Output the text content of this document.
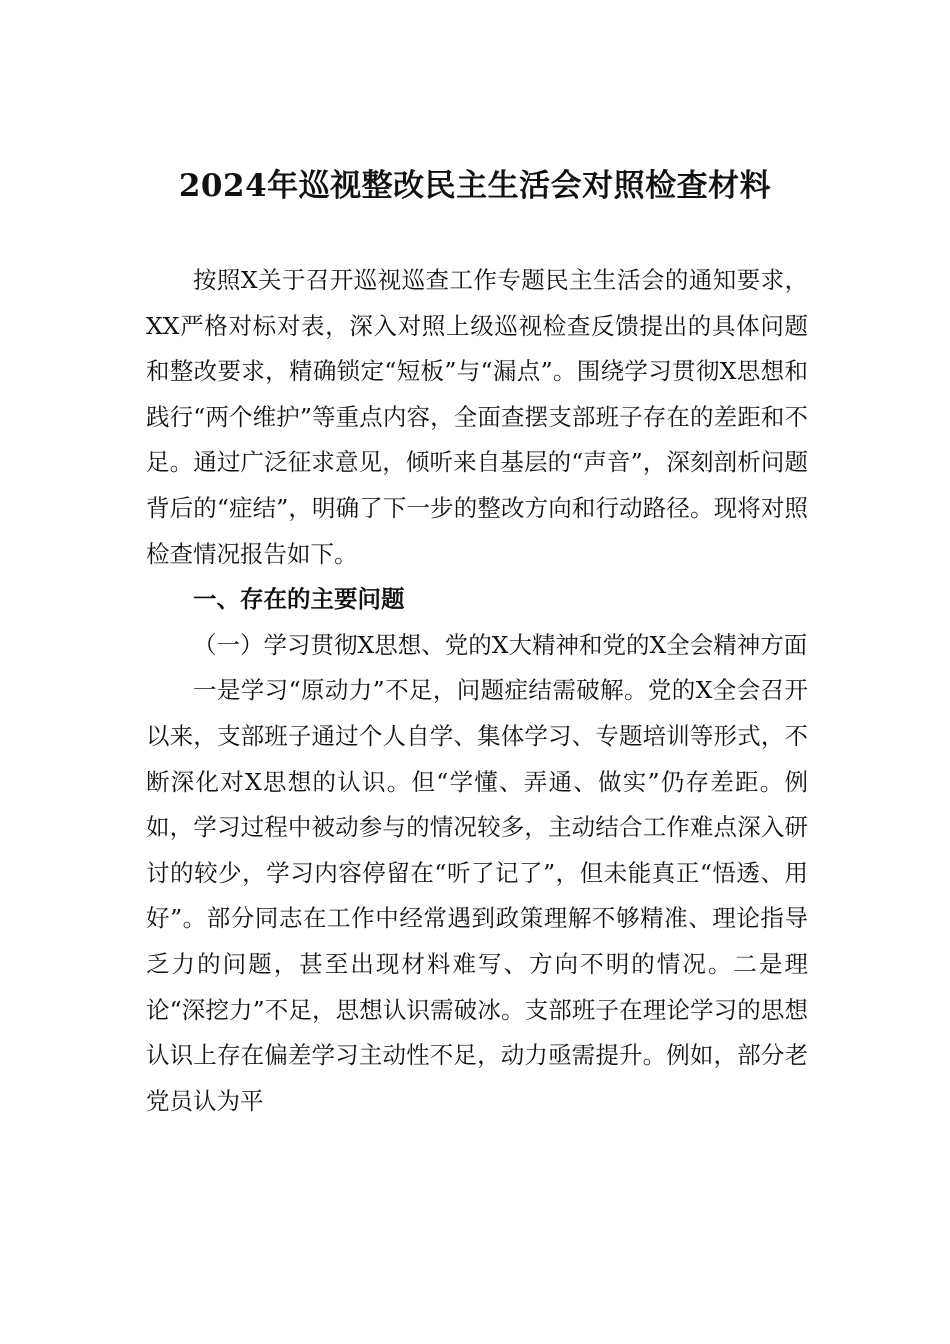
2024年巡视整改民主生活会对照检查材料

按照X关于召开巡视巡查工作专题民主生活会的通知要求，XX严格对标对表，深入对照上级巡视检查反馈提出的具体问题和整改要求，精确锁定“短板”与“漏点”。围绕学习贯彻X思想和践行“两个维护”等重点内容，全面查摆支部班子存在的差距和不足。通过广泛征求意见，倾听来自基层的“声音”，深刻剖析问题背后的“症结”，明确了下一步的整改方向和行动路径。现将对照检查情况报告如下。

一、存在的主要问题

（一）学习贯彻X思想、党的X大精神和党的X全会精神方面

一是学习“原动力”不足，问题症结需破解。党的X全会召开以来，支部班子通过个人自学、集体学习、专题培训等形式，不断深化对X思想的认识。但“学懂、弄通、做实”仍存差距。例如，学习过程中被动参与的情况较多，主动结合工作难点深入研讨的较少，学习内容停留在“听了记了”，但未能真正“悟透、用好”。部分同志在工作中经常遇到政策理解不够精准、理论指导乏力的问题，甚至出现材料难写、方向不明的情况。二是理论“深挖力”不足，思想认识需破冰。支部班子在理论学习的思想认识上存在偏差学习主动性不足，动力亟需提升。例如，部分老党员认为平
